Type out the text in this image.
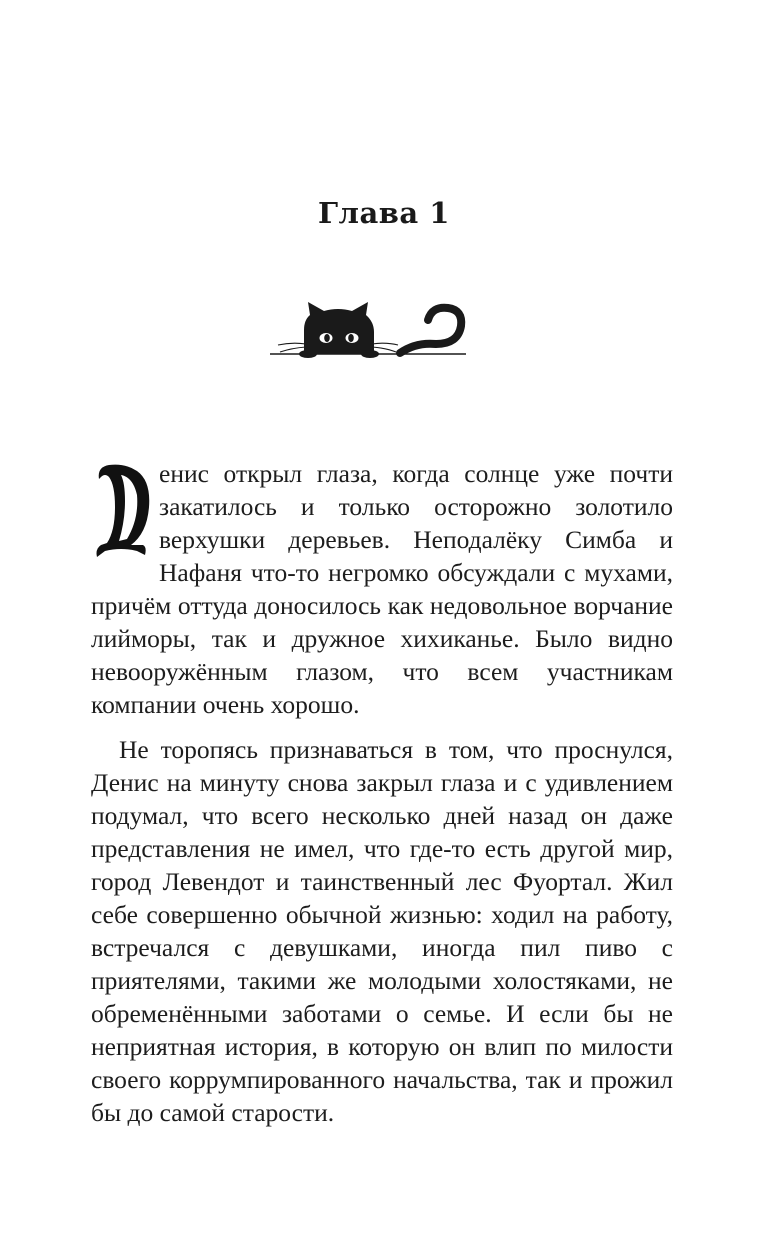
Глава 1

енис открыл глаза, когда солнце уже почти закатилось и только осторожно золотило верхушки деревьев. Неподалёку Симба и Нафаня что-то негромко обсуждали с мухами, причём оттуда доносилось как недовольное ворчание лийморы, так и дружное хихиканье. Было видно невооружённым глазом, что всем участникам компании очень хорошо.

Не торопясь признаваться в том, что проснулся, Денис на минуту снова закрыл глаза и с удивлением подумал, что всего несколько дней назад он даже представления не имел, что где-то есть другой мир, город Левендот и таинственный лес Фуортал. Жил себе совершенно обычной жизнью: ходил на работу, встречался с девушками, иногда пил пиво с приятелями, такими же молодыми холостяками, не обременёнными заботами о семье. И если бы не неприятная история, в которую он влип по милости своего коррумпированного начальства, так и прожил бы до самой старости.
